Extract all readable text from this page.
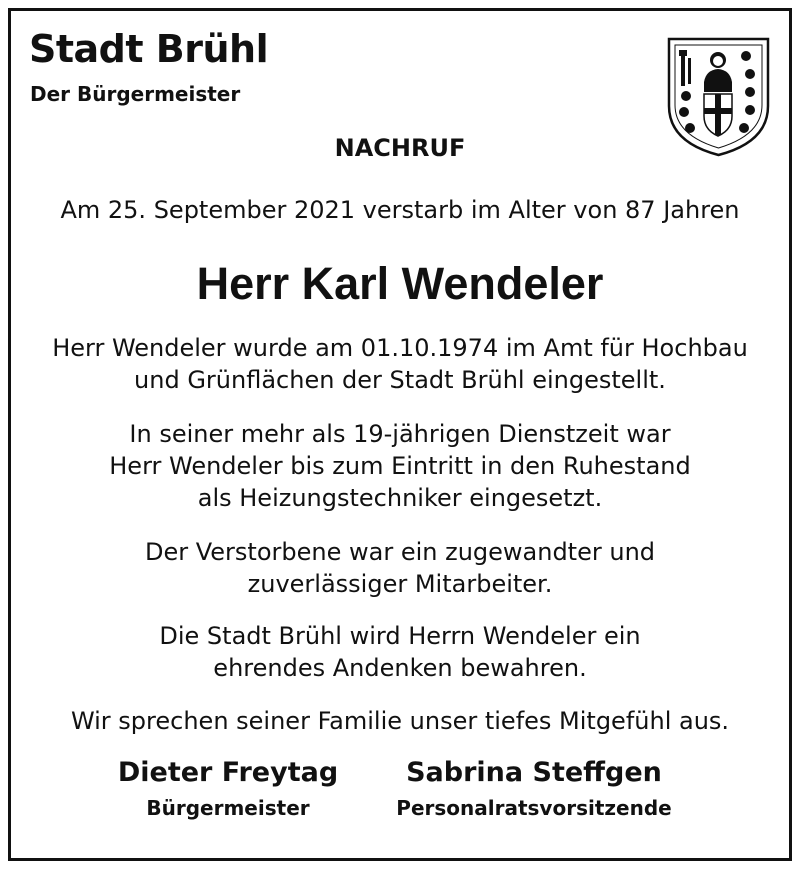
Stadt Brühl
Der Bürgermeister
NACHRUF
Am 25. September 2021 verstarb im Alter von 87 Jahren
Herr Karl Wendeler
Herr Wendeler wurde am 01.10.1974 im Amt für Hochbau
und Grünflächen der Stadt Brühl eingestellt.
In seiner mehr als 19-jährigen Dienstzeit war
Herr Wendeler bis zum Eintritt in den Ruhestand
als Heizungstechniker eingesetzt.
Der Verstorbene war ein zugewandter und
zuverlässiger Mitarbeiter.
Die Stadt Brühl wird Herrn Wendeler ein
ehrendes Andenken bewahren.
Wir sprechen seiner Familie unser tiefes Mitgefühl aus.
Dieter Freytag
Bürgermeister
Sabrina Steffgen
Personalratsvorsitzende
